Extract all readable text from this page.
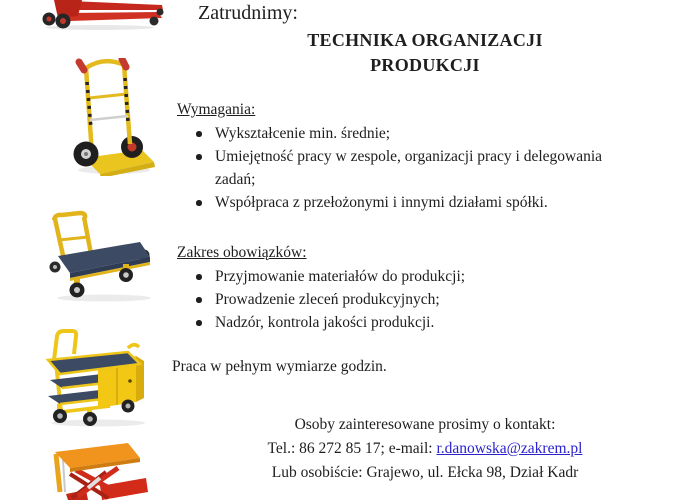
Zatrudnimy:
TECHNIKA ORGANIZACJI PRODUKCJI
Wymagania:
Wykształcenie min. średnie;
Umiejętność pracy w zespole, organizacji pracy i delegowania zadań;
Współpraca z przełożonymi i innymi działami spółki.
Zakres obowiązków:
Przyjmowanie materiałów do produkcji;
Prowadzenie zleceń produkcyjnych;
Nadzór, kontrola jakości produkcji.
Praca w pełnym wymiarze godzin.
Osoby zainteresowane prosimy o kontakt:
Tel.: 86 272 85 17; e-mail: r.danowska@zakrem.pl
Lub osobiście: Grajewo, ul. Ełcka 98, Dział Kadr
